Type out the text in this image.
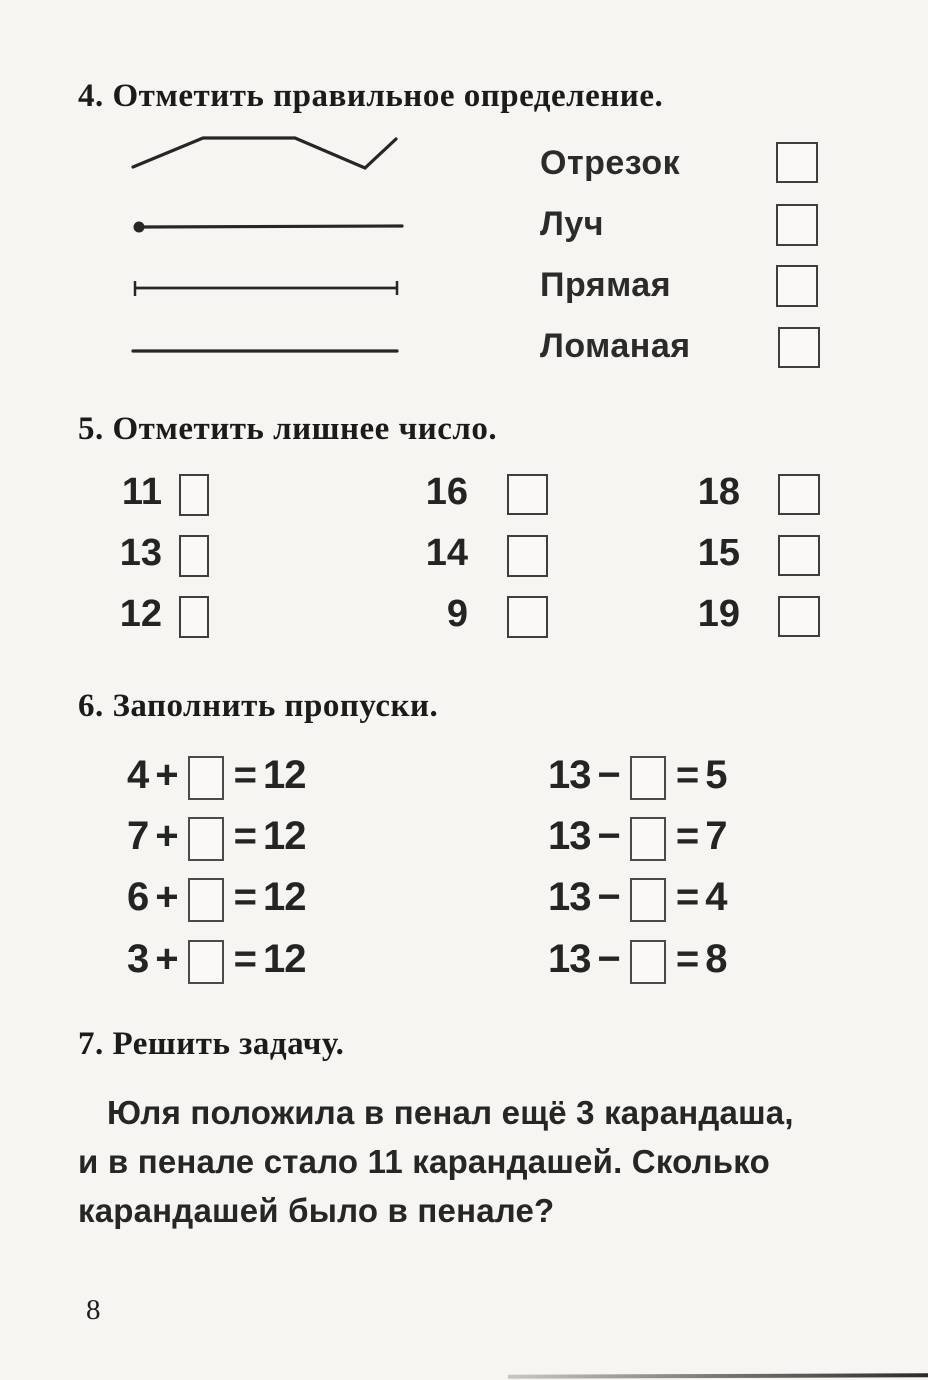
4. Отметить правильное определение.
Отрезок
Луч
Прямая
Ломаная
5. Отметить лишнее число.
11
13
12
16
14
9
18
15
19
6. Заполнить пропуски.
4 + = 12
7 + = 12
6 + = 12
3 + = 12
13 − = 5
13 − = 7
13 − = 4
13 − = 8
7. Решить задачу.
Юля положила в пенал ещё 3 карандаша,
и в пенале стало 11 карандашей. Сколько
карандашей было в пенале?
8
